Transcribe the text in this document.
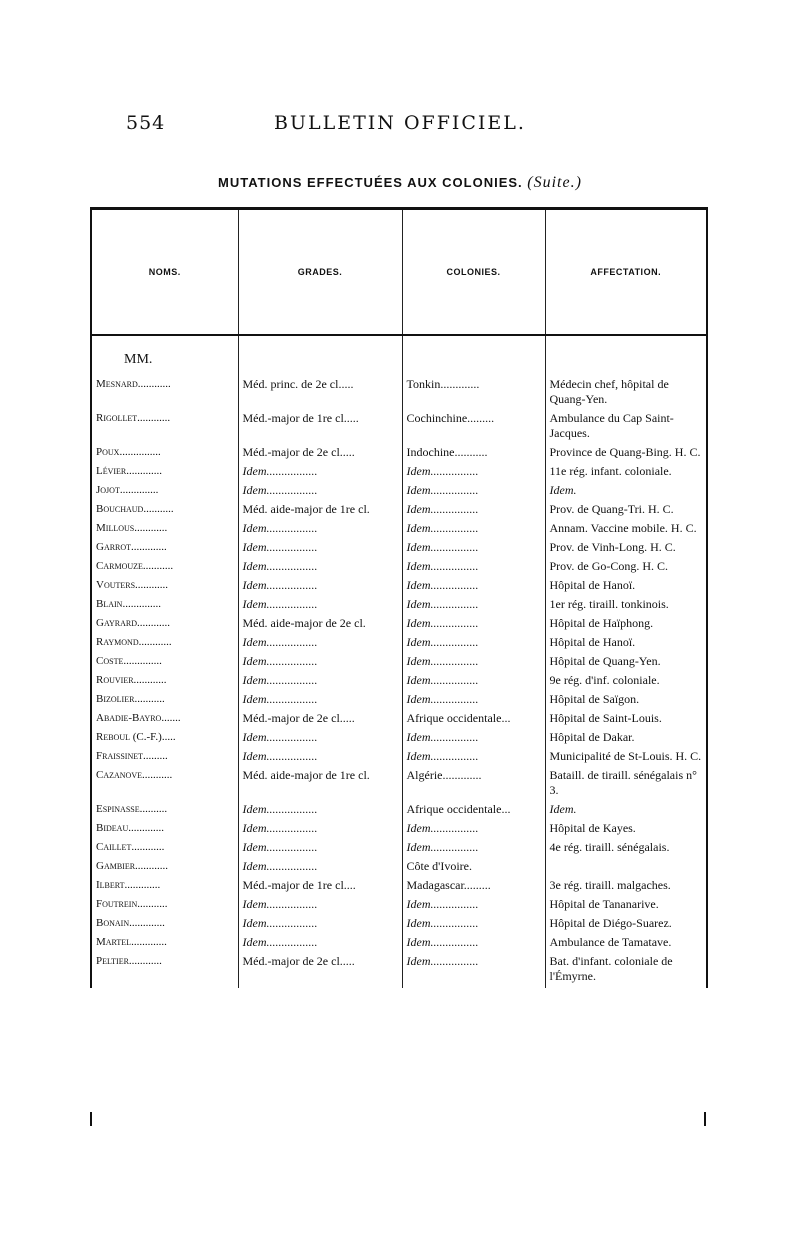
554	BULLETIN OFFICIEL.
MUTATIONS EFFECTUÉES AUX COLONIES. (Suite.)
NOMS.	GRADES.	COLONIES.	AFFECTATION.

MM.			

Mesnard............	Méd. princ. de 2e cl.....	Tonkin.............	Médecin chef, hôpital de Quang-Yen.
Rigollet............	Méd.-major de 1re cl.....	Cochinchine.........	Ambulance du Cap Saint-Jacques.
Poux...............	Méd.-major de 2e cl.....	Indochine...........	Province de Quang-Bing. H. C.
Lévier.............	Idem.................	Idem................	11e rég. infant. coloniale.
Jojot..............	Idem.................	Idem................	Idem.
Bouchaud...........	Méd. aide-major de 1re cl.	Idem................	Prov. de Quang-Tri. H. C.
Millous............	Idem.................	Idem................	Annam. Vaccine mobile. H. C.
Garrot.............	Idem.................	Idem................	Prov. de Vinh-Long. H. C.
Carmouze...........	Idem.................	Idem................	Prov. de Go-Cong. H. C.
Vouters............	Idem.................	Idem................	Hôpital de Hanoï.
Blain..............	Idem.................	Idem................	1er rég. tiraill. tonkinois.
Gayrard............	Méd. aide-major de 2e cl.	Idem................	Hôpital de Haïphong.
Raymond............	Idem.................	Idem................	Hôpital de Hanoï.
Coste..............	Idem.................	Idem................	Hôpital de Quang-Yen.
Rouvier............	Idem.................	Idem................	9e rég. d'inf. coloniale.
Bizolier...........	Idem.................	Idem................	Hôpital de Saïgon.
Abadie-Bayro.......	Méd.-major de 2e cl.....	Afrique occidentale...	Hôpital de Saint-Louis.
Reboul (C.-F.).....	Idem.................	Idem................	Hôpital de Dakar.
Fraissinet.........	Idem.................	Idem................	Municipalité de St-Louis. H. C.
Cazanove...........	Méd. aide-major de 1re cl.	Algérie.............	Bataill. de tiraill. sénégalais n° 3.
Espinasse..........	Idem.................	Afrique occidentale...	Idem.
Bideau.............	Idem.................	Idem................	Hôpital de Kayes.
Caillet............	Idem.................	Idem................	4e rég. tiraill. sénégalais.
Gambier............	Idem.................	Côte d'Ivoire.	
Ilbert.............	Méd.-major de 1re cl....	Madagascar.........	3e rég. tiraill. malgaches.
Foutrein...........	Idem.................	Idem................	Hôpital de Tananarive.
Bonain.............	Idem.................	Idem................	Hôpital de Diégo-Suarez.
Martel.............	Idem.................	Idem................	Ambulance de Tamatave.
Peltier............	Méd.-major de 2e cl.....	Idem................	Bat. d'infant. coloniale de l'Émyrne.
